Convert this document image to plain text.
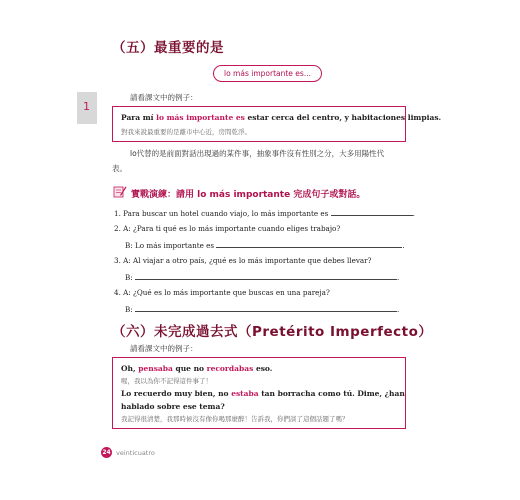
（五）最重要的是
lo más importante es...
1
請看課文中的例子：
Para mí lo más importante es estar cerca del centro, y habitaciones limpias.
對我來說最重要的是離市中心近，房間乾淨。
lo代替的是前面對話出現過的某件事，抽象事件沒有性別之分，大多用陽性代
表。
實戰演練：請用 lo más importante 完成句子或對話。
1. Para buscar un hotel cuando viajo, lo más importante es	.
2. A: ¿Para ti qué es lo más importante cuando eliges trabajo?
B: Lo más importante es	.
3. A: Al viajar a otro país, ¿qué es lo más importante que debes llevar?
B:	.
4. A: ¿Qué es lo más importante que buscas en una pareja?
B:	.
（六）未完成過去式（Pretérito Imperfecto）
請看課文中的例子：
Oh, pensaba que no recordabas eso.
喔，我以為你不記得這件事了！
Lo recuerdo muy bien, no estaba tan borracha como tú. Dime, ¿han
hablado sobre ese tema?
我記得很清楚，我那時候沒有像你喝那麼醉！告訴我，你們談了這個話題了嗎？
24 veinticuatro
